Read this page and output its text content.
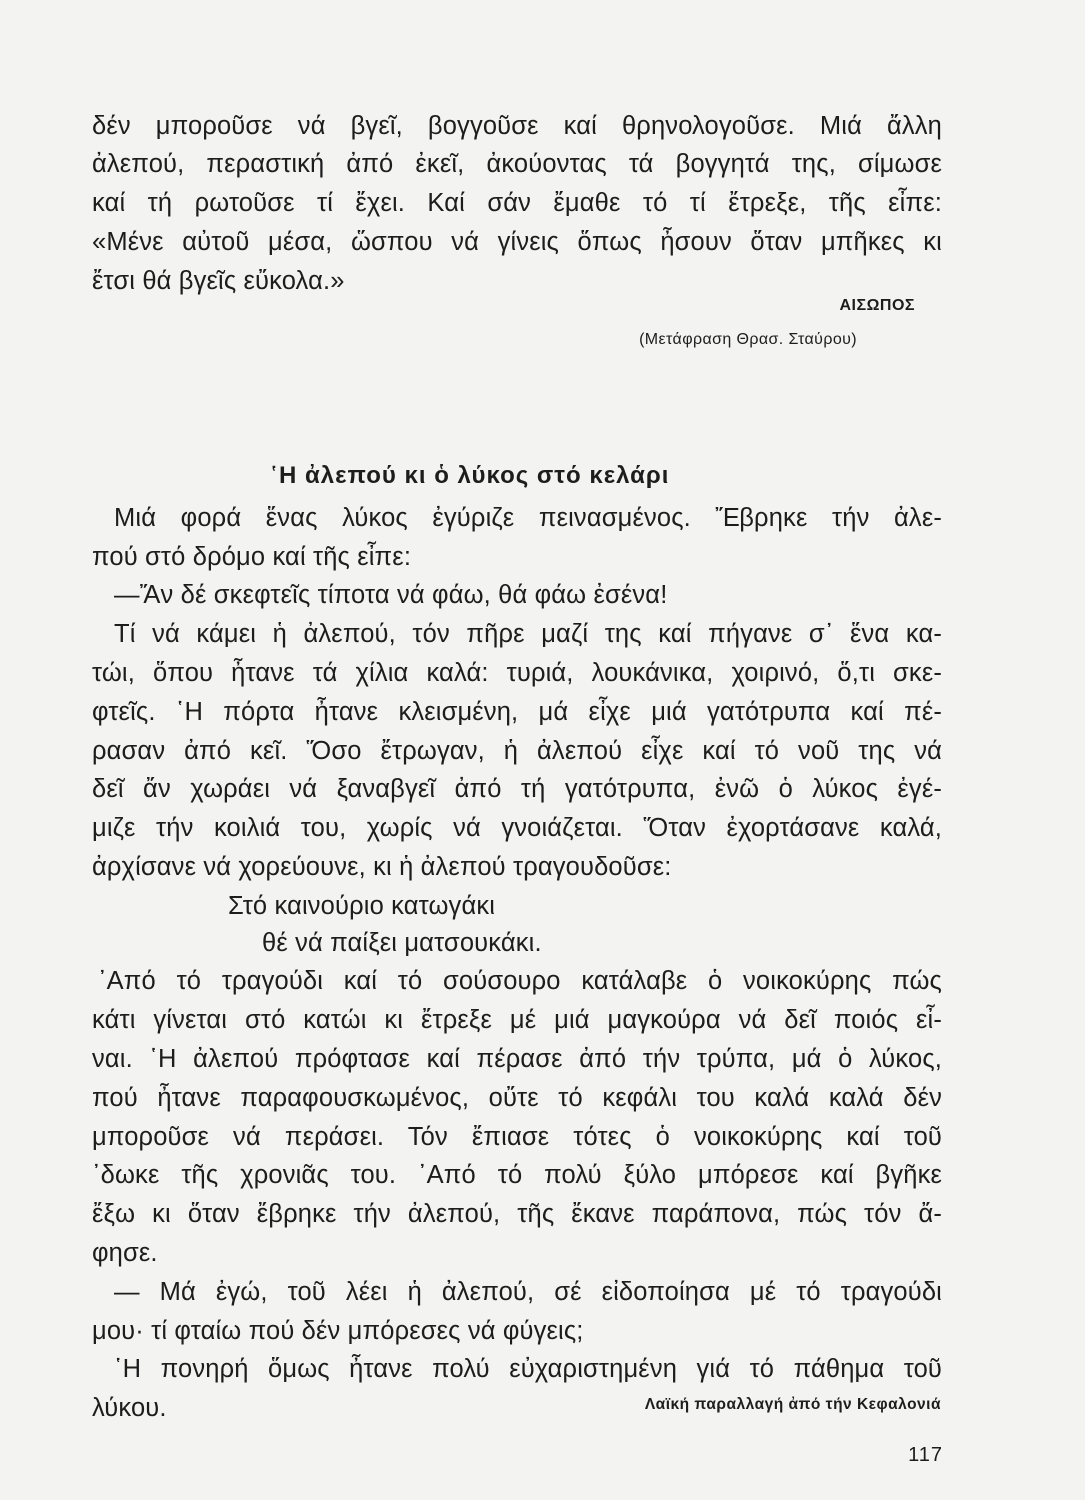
δέν μποροῦσε νά βγεῖ, βογγοῦσε καί θρηνολογοῦσε. Μιά ἄλλη

ἀλεπού, περαστική ἀπό ἐκεῖ, ἀκούοντας τά βογγητά της, σίμωσε

καί τή ρωτοῦσε τί ἔχει. Καί σάν ἔμαθε τό τί ἔτρεξε, τῆς εἶπε:

«Μένε αὐτοῦ μέσα, ὥσπου νά γίνεις ὅπως ἦσουν ὅταν μπῆκες κι

ἔτσι θά βγεῖς εὔκολα.»

ΑΙΣΩΠΟΣ
(Μετάφραση Θρασ. Σταύρου)
῾Η ἀλεπού κι ὁ λύκος στό κελάρι

Μιά φορά ἕνας λύκος ἐγύριζε πεινασμένος. Ἔβρηκε τήν ἀλε-

πού στό δρόμο καί τῆς εἶπε:

—Ἄν δέ σκεφτεῖς τίποτα νά φάω, θά φάω ἐσένα!

Τί νά κάμει ἡ ἀλεπού, τόν πῆρε μαζί της καί πήγανε σ᾽ ἕνα κα-

τώι, ὅπου ἦτανε τά χίλια καλά: τυριά, λουκάνικα, χοιρινό, ὅ,τι σκε-

φτεῖς. ῾Η πόρτα ἦτανε κλεισμένη, μά εἶχε μιά γατότρυπα καί πέ-

ρασαν ἀπό κεῖ. Ὅσο ἔτρωγαν, ἡ ἀλεπού εἶχε καί τό νοῦ της νά

δεῖ ἄν χωράει νά ξαναβγεῖ ἀπό τή γατότρυπα, ἐνῶ ὁ λύκος ἐγέ-

μιζε τήν κοιλιά του, χωρίς νά γνοιάζεται. Ὅταν ἐχορτάσανε καλά,

ἀρχίσανε νά χορεύουνε, κι ἡ ἀλεπού τραγουδοῦσε:

Στό καινούριο κατωγάκι

θέ νά παίξει ματσουκάκι.

᾽Από τό τραγούδι καί τό σούσουρο κατάλαβε ὁ νοικοκύρης πώς

κάτι γίνεται στό κατώι κι ἔτρεξε μέ μιά μαγκούρα νά δεῖ ποιός εἶ-

ναι. ῾Η ἀλεπού πρόφτασε καί πέρασε ἀπό τήν τρύπα, μά ὁ λύκος,

πού ἦτανε παραφουσκωμένος, οὔτε τό κεφάλι του καλά καλά δέν

μποροῦσε νά περάσει. Τόν ἔπιασε τότες ὁ νοικοκύρης καί τοῦ

᾽δωκε τῆς χρονιᾶς του. ᾽Από τό πολύ ξύλο μπόρεσε καί βγῆκε

ἔξω κι ὅταν ἔβρηκε τήν ἀλεπού, τῆς ἔκανε παράπονα, πώς τόν ἄ-

φησε.

— Μά ἐγώ, τοῦ λέει ἡ ἀλεπού, σέ εἰδοποίησα μέ τό τραγούδι

μου· τί φταίω πού δέν μπόρεσες νά φύγεις;

῾Η πονηρή ὅμως ἦτανε πολύ εὐχαριστημένη γιά τό πάθημα τοῦ

λύκου.	Λαϊκή παραλλαγή ἀπό τήν Κεφαλονιά
117
